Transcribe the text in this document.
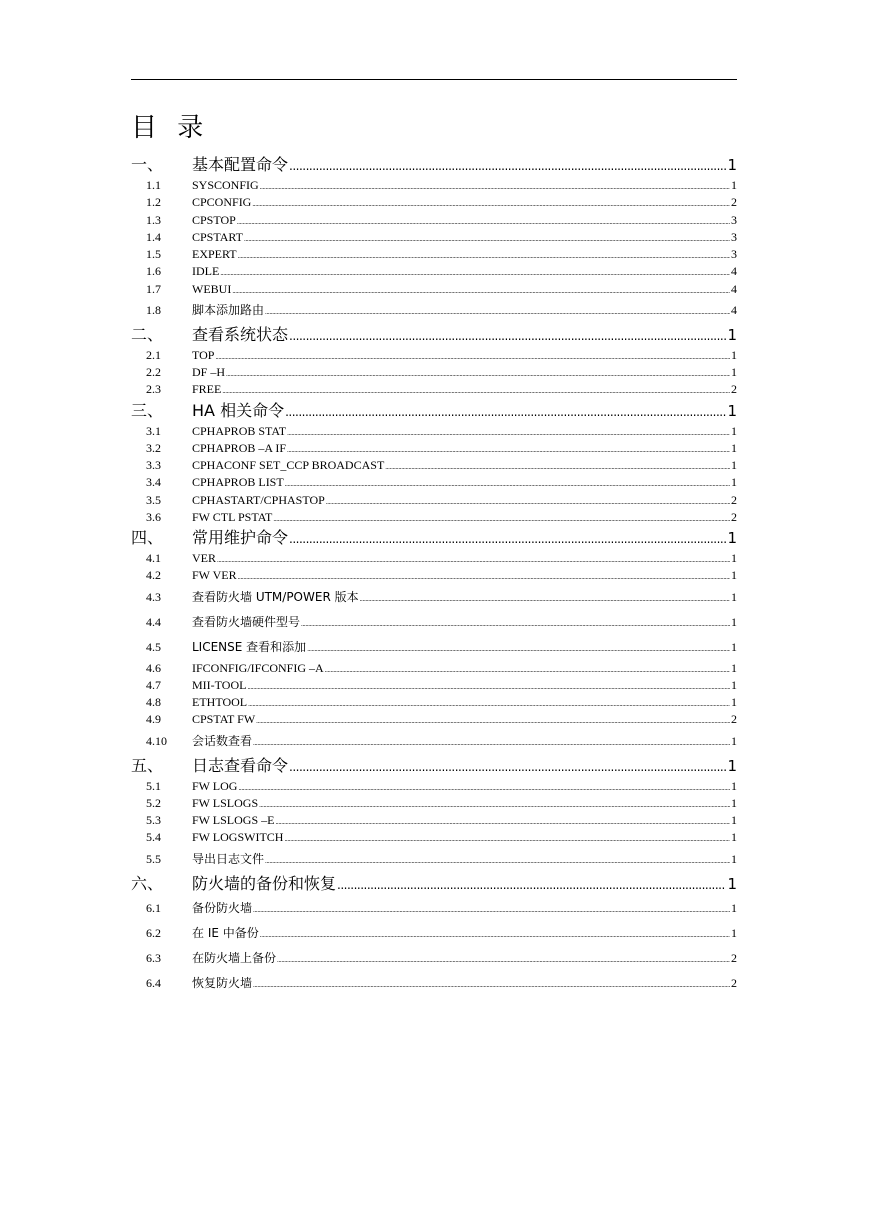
目 录
一、	基本配置命令 .....	1
1.1	SYSCONFIG .....	1
1.2	CPCONFIG .....	2
1.3	CPSTOP .....	3
1.4	CPSTART .....	3
1.5	EXPERT .....	3
1.6	IDLE .....	4
1.7	WEBUI .....	4
1.8	脚本添加路由 .....	4
二、	查看系统状态 .....	1
2.1	TOP .....	1
2.2	DF –H .....	1
2.3	FREE .....	2
三、	HA 相关命令 .....	1
3.1	CPHAPROB STAT .....	1
3.2	CPHAPROB –A IF .....	1
3.3	CPHACONF SET_CCP BROADCAST .....	1
3.4	CPHAPROB LIST .....	1
3.5	CPHASTART/CPHASTOP .....	2
3.6	FW CTL PSTAT .....	2
四、	常用维护命令 .....	1
4.1	VER .....	1
4.2	FW VER .....	1
4.3	查看防火墙 UTM/POWER 版本 .....	1
4.4	查看防火墙硬件型号 .....	1
4.5	LICENSE 查看和添加 .....	1
4.6	IFCONFIG/IFCONFIG –A .....	1
4.7	MII-TOOL .....	1
4.8	ETHTOOL .....	1
4.9	CPSTAT FW .....	2
4.10	会话数查看 .....	1
五、	日志查看命令 .....	1
5.1	FW LOG .....	1
5.2	FW LSLOGS .....	1
5.3	FW LSLOGS –E .....	1
5.4	FW LOGSWITCH .....	1
5.5	导出日志文件 .....	1
六、	防火墙的备份和恢复 .....	1
6.1	备份防火墙 .....	1
6.2	在 IE 中备份 .....	1
6.3	在防火墙上备份 .....	2
6.4	恢复防火墙 .....	2
